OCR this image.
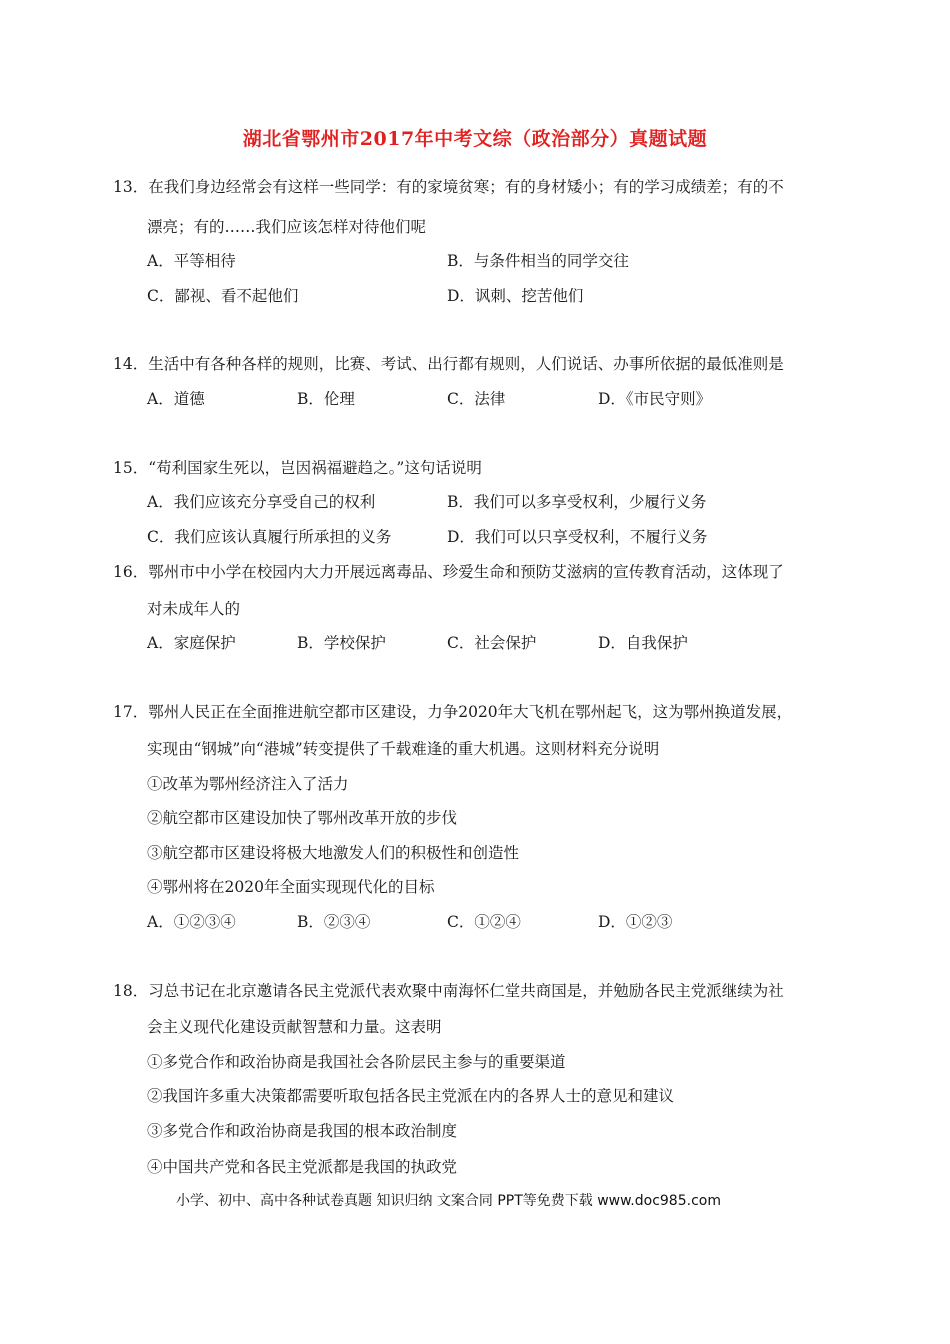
湖北省鄂州市2017年中考文综（政治部分）真题试题
13．在我们身边经常会有这样一些同学：有的家境贫寒；有的身材矮小；有的学习成绩差；有的不
漂亮；有的……我们应该怎样对待他们呢
A．平等相待	B．与条件相当的同学交往
C．鄙视、看不起他们	D．讽刺、挖苦他们
14．生活中有各种各样的规则，比赛、考试、出行都有规则，人们说话、办事所依据的最低准则是
A．道德	B．伦理	C．法律	D．《市民守则》
15．“苟利国家生死以，岂因祸福避趋之。”这句话说明
A．我们应该充分享受自己的权利	B．我们可以多享受权利，少履行义务
C．我们应该认真履行所承担的义务	D．我们可以只享受权利，不履行义务
16．鄂州市中小学在校园内大力开展远离毒品、珍爱生命和预防艾滋病的宣传教育活动，这体现了
对未成年人的
A．家庭保护	B．学校保护	C．社会保护	D．自我保护
17．鄂州人民正在全面推进航空都市区建设，力争2020年大飞机在鄂州起飞，这为鄂州换道发展，
实现由“钢城”向“港城”转变提供了千载难逢的重大机遇。这则材料充分说明
①改革为鄂州经济注入了活力
②航空都市区建设加快了鄂州改革开放的步伐
③航空都市区建设将极大地激发人们的积极性和创造性
④鄂州将在2020年全面实现现代化的目标
A．①②③④	B．②③④	C．①②④	D．①②③
18．习总书记在北京邀请各民主党派代表欢聚中南海怀仁堂共商国是，并勉励各民主党派继续为社
会主义现代化建设贡献智慧和力量。这表明
①多党合作和政治协商是我国社会各阶层民主参与的重要渠道
②我国许多重大决策都需要听取包括各民主党派在内的各界人士的意见和建议
③多党合作和政治协商是我国的根本政治制度
④中国共产党和各民主党派都是我国的执政党
小学、初中、高中各种试卷真题 知识归纳 文案合同 PPT等免费下载 www.doc985.com
